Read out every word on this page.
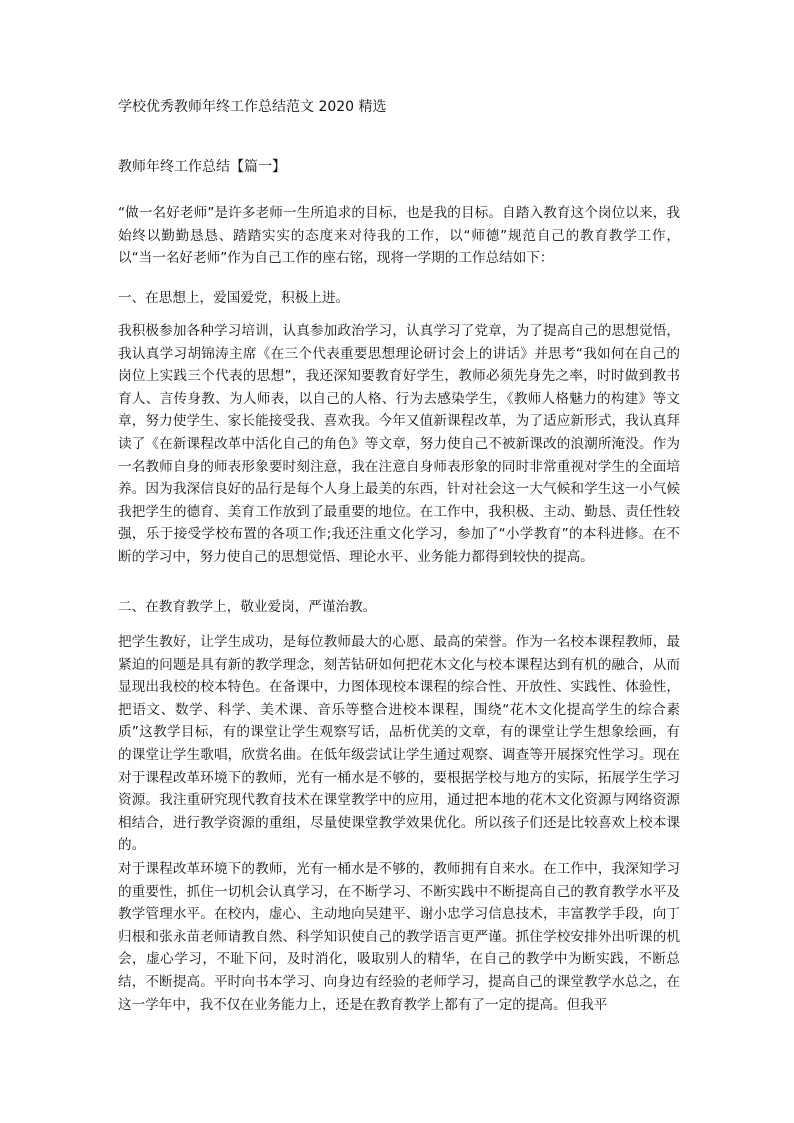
学校优秀教师年终工作总结范文 2020 精选
教师年终工作总结【篇一】

“做一名好老师”是许多老师一生所追求的目标，也是我的目标。自踏入教育这个岗位以来，我始终以勤勤恳恳、踏踏实实的态度来对待我的工作，以“师德”规范自己的教育教学工作，以“当一名好老师”作为自己工作的座右铭，现将一学期的工作总结如下：

一、在思想上，爱国爱党，积极上进。

我积极参加各种学习培训，认真参加政治学习，认真学习了党章，为了提高自己的思想觉悟，我认真学习胡锦涛主席《在三个代表重要思想理论研讨会上的讲话》并思考“我如何在自己的岗位上实践三个代表的思想”，我还深知要教育好学生，教师必须先身先之率，时时做到教书育人、言传身教、为人师表，以自己的人格、行为去感染学生，《教师人格魅力的构建》等文章，努力使学生、家长能接受我、喜欢我。今年又值新课程改革，为了适应新形式，我认真拜读了《在新课程改革中活化自己的角色》等文章，努力使自己不被新课改的浪潮所淹没。作为一名教师自身的师表形象要时刻注意，我在注意自身师表形象的同时非常重视对学生的全面培养。因为我深信良好的品行是每个人身上最美的东西，针对社会这一大气候和学生这一小气候我把学生的德育、美育工作放到了最重要的地位。在工作中，我积极、主动、勤恳、责任性较强，乐于接受学校布置的各项工作;我还注重文化学习，参加了“小学教育”的本科进修。在不断的学习中，努力使自己的思想觉悟、理论水平、业务能力都得到较快的提高。

二、在教育教学上，敬业爱岗，严谨治教。

把学生教好，让学生成功，是每位教师最大的心愿、最高的荣誉。作为一名校本课程教师，最紧迫的问题是具有新的教学理念，刻苦钻研如何把花木文化与校本课程达到有机的融合，从而显现出我校的校本特色。在备课中，力图体现校本课程的综合性、开放性、实践性、体验性，把语文、数学、科学、美术课、音乐等整合进校本课程，围绕“花木文化提高学生的综合素质”这教学目标，有的课堂让学生观察写话，品析优美的文章，有的课堂让学生想象绘画，有的课堂让学生歌唱，欣赏名曲。在低年级尝试让学生通过观察、调查等开展探究性学习。现在对于课程改革环境下的教师，光有一桶水是不够的，要根据学校与地方的实际，拓展学生学习资源。我注重研究现代教育技术在课堂教学中的应用，通过把本地的花木文化资源与网络资源相结合，进行教学资源的重组，尽量使课堂教学效果优化。所以孩子们还是比较喜欢上校本课的。

对于课程改革环境下的教师，光有一桶水是不够的，教师拥有自来水。在工作中，我深知学习的重要性，抓住一切机会认真学习，在不断学习、不断实践中不断提高自己的教育教学水平及教学管理水平。在校内，虚心、主动地向吴建平、谢小忠学习信息技术，丰富教学手段，向丁归根和张永苗老师请教自然、科学知识使自己的教学语言更严谨。抓住学校安排外出听课的机会，虚心学习，不耻下问，及时消化，吸取别人的精华，在自己的教学中为断实践，不断总结，不断提高。平时向书本学习、向身边有经验的老师学习，提高自己的课堂教学水总之，在这一学年中，我不仅在业务能力上，还是在教育教学上都有了一定的提高。但我平
